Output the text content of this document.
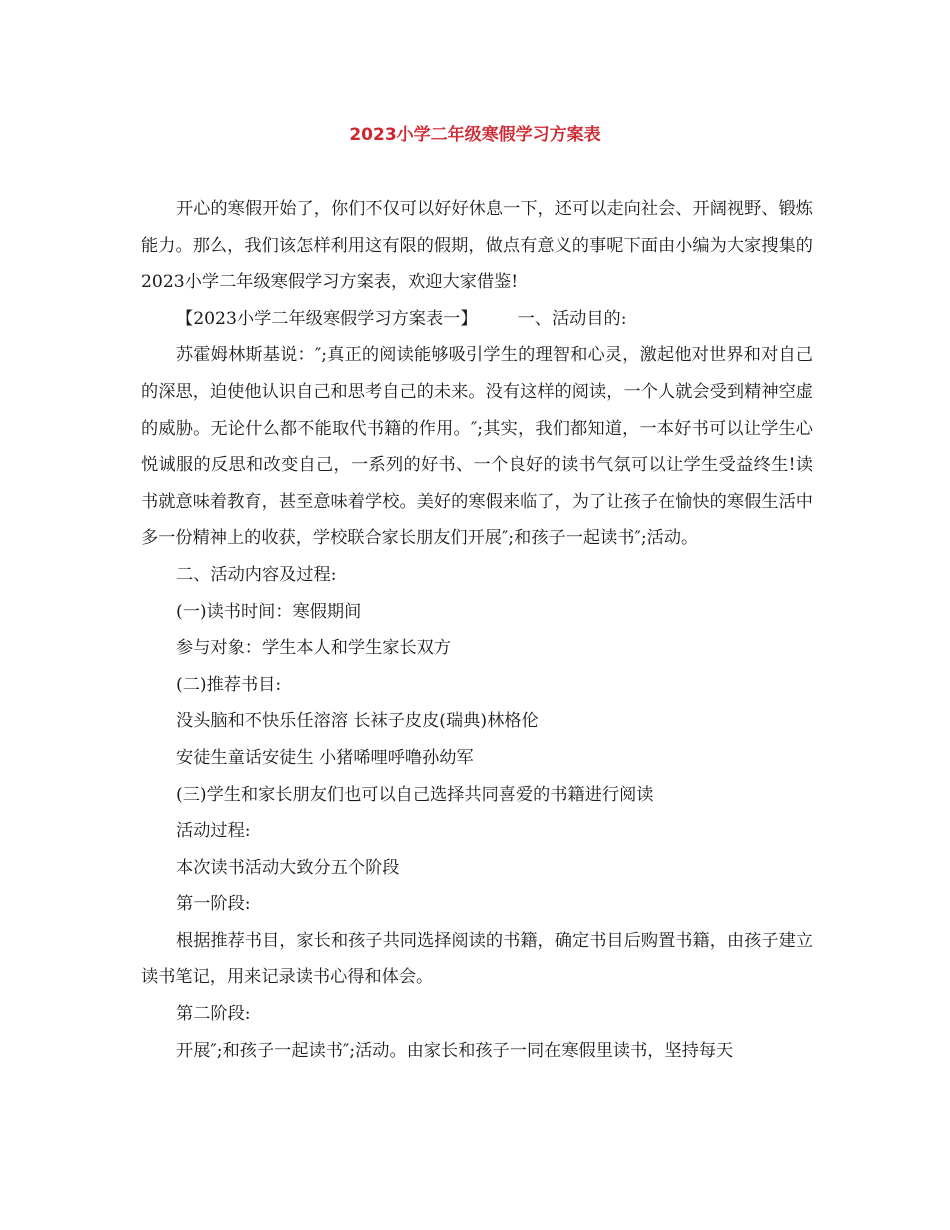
2023小学二年级寒假学习方案表

开心的寒假开始了，你们不仅可以好好休息一下，还可以走向社会、开阔视野、锻炼能力。那么，我们该怎样利用这有限的假期，做点有意义的事呢下面由小编为大家搜集的2023小学二年级寒假学习方案表，欢迎大家借鉴!

【2023小学二年级寒假学习方案表一】 一、活动目的:

苏霍姆林斯基说：″;真正的阅读能够吸引学生的理智和心灵，激起他对世界和对自己的深思，迫使他认识自己和思考自己的未来。没有这样的阅读，一个人就会受到精神空虚的威胁。无论什么都不能取代书籍的作用。″;其实，我们都知道，一本好书可以让学生心悦诚服的反思和改变自己，一系列的好书、一个良好的读书气氛可以让学生受益终生!读书就意味着教育，甚至意味着学校。美好的寒假来临了，为了让孩子在愉快的寒假生活中多一份精神上的收获，学校联合家长朋友们开展″;和孩子一起读书″;活动。

二、活动内容及过程:

(一)读书时间：寒假期间

参与对象：学生本人和学生家长双方

(二)推荐书目:

没头脑和不快乐任溶溶 长袜子皮皮(瑞典)林格伦

安徒生童话安徒生 小猪唏哩呼噜孙幼军

(三)学生和家长朋友们也可以自己选择共同喜爱的书籍进行阅读

活动过程:

本次读书活动大致分五个阶段

第一阶段:

根据推荐书目，家长和孩子共同选择阅读的书籍，确定书目后购置书籍，由孩子建立读书笔记，用来记录读书心得和体会。

第二阶段:

开展″;和孩子一起读书″;活动。由家长和孩子一同在寒假里读书，坚持每天
